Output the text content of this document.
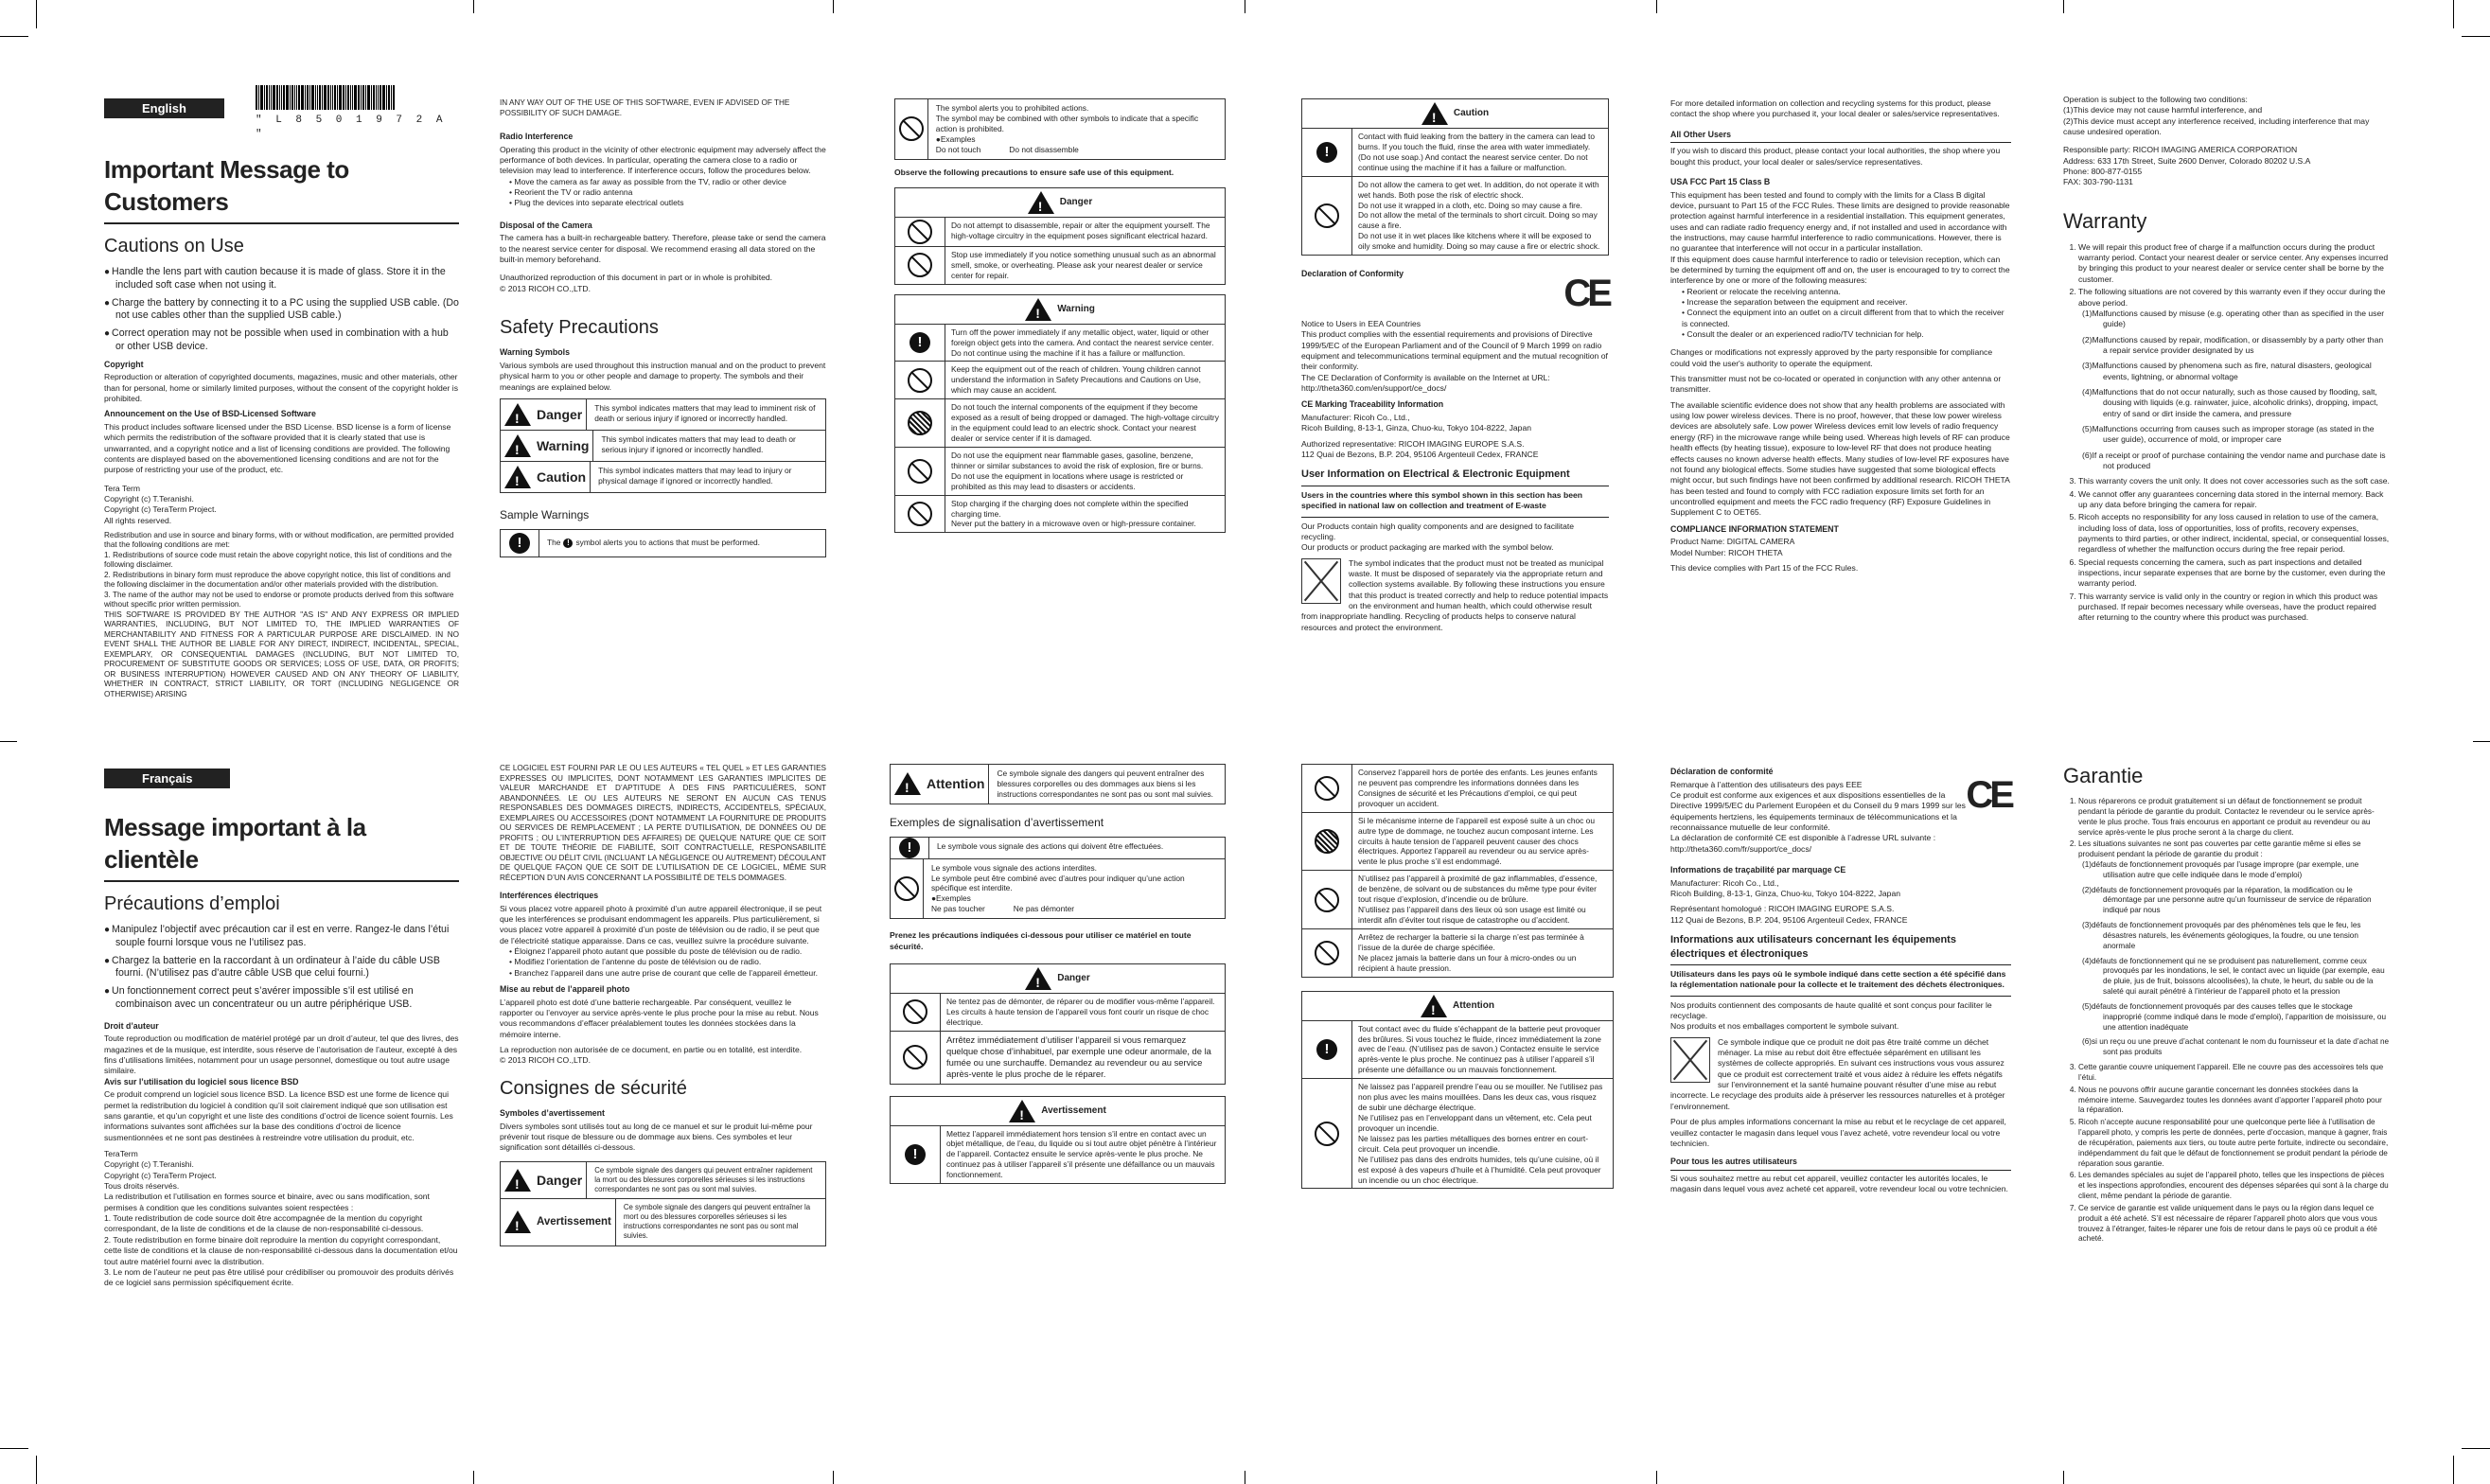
English
" L 8 5 0 1 9 7 2 A "
Important Message to Customers
Cautions on Use

● Handle the lens part with caution because it is made of glass. Store it in the included soft case when not using it.

● Charge the battery by connecting it to a PC using the supplied USB cable. (Do not use cables other than the supplied USB cable.)

● Correct operation may not be possible when used in combination with a hub or other USB device.

Copyright

Reproduction or alteration of copyrighted documents, magazines, music and other materials, other than for personal, home or similarly limited purposes, without the consent of the copyright holder is prohibited.

Announcement on the Use of BSD-Licensed Software

This product includes software licensed under the BSD License. BSD license is a form of license which permits the redistribution of the software provided that it is clearly stated that use is unwarranted, and a copyright notice and a list of licensing conditions are provided. The following contents are displayed based on the abovementioned licensing conditions and are not for the purpose of restricting your use of the product, etc.

Tera Term
Copyright (c) T.Teranishi.
Copyright (c) TeraTerm Project.
All rights reserved.

Redistribution and use in source and binary forms, with or without modification, are permitted provided that the following conditions are met:

1. Redistributions of source code must retain the above copyright notice, this list of conditions and the following disclaimer.

2. Redistributions in binary form must reproduce the above copyright notice, this list of conditions and the following disclaimer in the documentation and/or other materials provided with the distribution.

3. The name of the author may not be used to endorse or promote products derived from this software without specific prior written permission.

THIS SOFTWARE IS PROVIDED BY THE AUTHOR "AS IS" AND ANY EXPRESS OR IMPLIED WARRANTIES, INCLUDING, BUT NOT LIMITED TO, THE IMPLIED WARRANTIES OF MERCHANTABILITY AND FITNESS FOR A PARTICULAR PURPOSE ARE DISCLAIMED. IN NO EVENT SHALL THE AUTHOR BE LIABLE FOR ANY DIRECT, INDIRECT, INCIDENTAL, SPECIAL, EXEMPLARY, OR CONSEQUENTIAL DAMAGES (INCLUDING, BUT NOT LIMITED TO, PROCUREMENT OF SUBSTITUTE GOODS OR SERVICES; LOSS OF USE, DATA, OR PROFITS; OR BUSINESS INTERRUPTION) HOWEVER CAUSED AND ON ANY THEORY OF LIABILITY, WHETHER IN CONTRACT, STRICT LIABILITY, OR TORT (INCLUDING NEGLIGENCE OR OTHERWISE) ARISING

IN ANY WAY OUT OF THE USE OF THIS SOFTWARE, EVEN IF ADVISED OF THE POSSIBILITY OF SUCH DAMAGE.

Radio Interference

Operating this product in the vicinity of other electronic equipment may adversely affect the performance of both devices. In particular, operating the camera close to a radio or television may lead to interference. If interference occurs, follow the procedures below.

• Move the camera as far away as possible from the TV, radio or other device

• Reorient the TV or radio antenna

• Plug the devices into separate electrical outlets

Disposal of the Camera

The camera has a built-in rechargeable battery. Therefore, please take or send the camera to the nearest service center for disposal. We recommend erasing all data stored on the built-in memory beforehand.

Unauthorized reproduction of this document in part or in whole is prohibited.

© 2013 RICOH CO.,LTD.

Safety Precautions
Warning Symbols

Various symbols are used throughout this instruction manual and on the product to prevent physical harm to you or other people and damage to property. The symbols and their meanings are explained below.

!
Danger	This symbol indicates matters that may lead to imminent risk of death or serious injury if ignored or incorrectly handled.
!
Warning	This symbol indicates matters that may lead to death or serious injury if ignored or incorrectly handled.
!
Caution	This symbol indicates matters that may lead to injury or physical damage if ignored or incorrectly handled.
Sample Warnings
!	The ! symbol alerts you to actions that must be performed.
The symbol alerts you to prohibited actions.
The symbol may be combined with other symbols to indicate that a specific action is prohibited.
●Examples
Do not touch	Do not disassemble

Observe the following precautions to ensure safe use of this equipment.

!
Danger
Do not attempt to disassemble, repair or alter the equipment yourself. The high-voltage circuitry in the equipment poses significant electrical hazard.
Stop use immediately if you notice something unusual such as an abnormal smell, smoke, or overheating. Please ask your nearest dealer or service center for repair.
!
Warning
!
Turn off the power immediately if any metallic object, water, liquid or other foreign object gets into the camera. And contact the nearest service center. Do not continue using the machine if it has a failure or malfunction.
Keep the equipment out of the reach of children. Young children cannot understand the information in Safety Precautions and Cautions on Use, which may cause an accident.
Do not touch the internal components of the equipment if they become exposed as a result of being dropped or damaged. The high-voltage circuitry in the equipment could lead to an electric shock. Contact your nearest dealer or service center if it is damaged.
Do not use the equipment near flammable gases, gasoline, benzene, thinner or similar substances to avoid the risk of explosion, fire or burns.
Do not use the equipment in locations where usage is restricted or prohibited as this may lead to disasters or accidents.
Stop charging if the charging does not complete within the specified charging time.
Never put the battery in a microwave oven or high-pressure container.
!
Caution
!
Contact with fluid leaking from the battery in the camera can lead to burns. If you touch the fluid, rinse the area with water immediately. (Do not use soap.) And contact the nearest service center. Do not continue using the machine if it has a failure or malfunction.
Do not allow the camera to get wet. In addition, do not operate it with wet hands. Both pose the risk of electric shock.
Do not use it wrapped in a cloth, etc. Doing so may cause a fire.
Do not allow the metal of the terminals to short circuit. Doing so may cause a fire.
Do not use it in wet places like kitchens where it will be exposed to oily smoke and humidity. Doing so may cause a fire or electric shock.
Declaration of Conformity	CE

Notice to Users in EEA Countries
This product complies with the essential requirements and provisions of Directive 1999/5/EC of the European Parliament and of the Council of 9 March 1999 on radio equipment and telecommunications terminal equipment and the mutual recognition of their conformity.
The CE Declaration of Conformity is available on the Internet at URL: http://theta360.com/en/support/ce_docs/

CE Marking Traceability Information

Manufacturer: Ricoh Co., Ltd.,
Ricoh Building, 8-13-1, Ginza, Chuo-ku, Tokyo 104-8222, Japan

Authorized representative: RICOH IMAGING EUROPE S.A.S.
112 Quai de Bezons, B.P. 204, 95106 Argenteuil Cedex, FRANCE

User Information on Electrical & Electronic Equipment

Users in the countries where this symbol shown in this section has been specified in national law on collection and treatment of E-waste

Our Products contain high quality components and are designed to facilitate recycling.
Our products or product packaging are marked with the symbol below.

The symbol indicates that the product must not be treated as municipal waste. It must be disposed of separately via the appropriate return and collection systems available. By following these instructions you ensure that this product is treated correctly and help to reduce potential impacts on the environment and human health, which could otherwise result from inappropriate handling. Recycling of products helps to conserve natural resources and protect the environment.

For more detailed information on collection and recycling systems for this product, please contact the shop where you purchased it, your local dealer or sales/service representatives.

All Other Users

If you wish to discard this product, please contact your local authorities, the shop where you bought this product, your local dealer or sales/service representatives.

USA FCC Part 15 Class B

This equipment has been tested and found to comply with the limits for a Class B digital device, pursuant to Part 15 of the FCC Rules. These limits are designed to provide reasonable protection against harmful interference in a residential installation. This equipment generates, uses and can radiate radio frequency energy and, if not installed and used in accordance with the instructions, may cause harmful interference to radio communications. However, there is no guarantee that interference will not occur in a particular installation.

If this equipment does cause harmful interference to radio or television reception, which can be determined by turning the equipment off and on, the user is encouraged to try to correct the interference by one or more of the following measures:

• Reorient or relocate the receiving antenna.

• Increase the separation between the equipment and receiver.

• Connect the equipment into an outlet on a circuit different from that to which the receiver is connected.

• Consult the dealer or an experienced radio/TV technician for help.

Changes or modifications not expressly approved by the party responsible for compliance could void the user's authority to operate the equipment.

This transmitter must not be co-located or operated in conjunction with any other antenna or transmitter.

The available scientific evidence does not show that any health problems are associated with using low power wireless devices. There is no proof, however, that these low power wireless devices are absolutely safe. Low power Wireless devices emit low levels of radio frequency energy (RF) in the microwave range while being used. Whereas high levels of RF can produce health effects (by heating tissue), exposure to low-level RF that does not produce heating effects causes no known adverse health effects. Many studies of low-level RF exposures have not found any biological effects. Some studies have suggested that some biological effects might occur, but such findings have not been confirmed by additional research. RICOH THETA has been tested and found to comply with FCC radiation exposure limits set forth for an uncontrolled equipment and meets the FCC radio frequency (RF) Exposure Guidelines in Supplement C to OET65.

COMPLIANCE INFORMATION STATEMENT

Product Name: DIGITAL CAMERA
Model Number: RICOH THETA

This device complies with Part 15 of the FCC Rules.

Operation is subject to the following two conditions:
(1)This device may not cause harmful interference, and
(2)This device must accept any interference received, including interference that may cause undesired operation.

Responsible party: RICOH IMAGING AMERICA CORPORATION
Address: 633 17th Street, Suite 2600 Denver, Colorado 80202 U.S.A
Phone: 800-877-0155
FAX: 303-790-1131

Warranty
1. We will repair this product free of charge if a malfunction occurs during the product warranty period. Contact your nearest dealer or service center. Any expenses incurred by bringing this product to your nearest dealer or service center shall be borne by the customer.
2. The following situations are not covered by this warranty even if they occur during the above period.

(1)Malfunctions caused by misuse (e.g. operating other than as specified in the user guide)

(2)Malfunctions caused by repair, modification, or disassembly by a party other than a repair service provider designated by us

(3)Malfunctions caused by phenomena such as fire, natural disasters, geological events, lightning, or abnormal voltage

(4)Malfunctions that do not occur naturally, such as those caused by flooding, salt, dousing with liquids (e.g. rainwater, juice, alcoholic drinks), dropping, impact, entry of sand or dirt inside the camera, and pressure

(5)Malfunctions occurring from causes such as improper storage (as stated in the user guide), occurrence of mold, or improper care

(6)If a receipt or proof of purchase containing the vendor name and purchase date is not produced

3. This warranty covers the unit only. It does not cover accessories such as the soft case.
4. We cannot offer any guarantees concerning data stored in the internal memory. Back up any data before bringing the camera for repair.
5. Ricoh accepts no responsibility for any loss caused in relation to use of the camera, including loss of data, loss of opportunities, loss of profits, recovery expenses, payments to third parties, or other indirect, incidental, special, or consequential losses, regardless of whether the malfunction occurs during the free repair period.
6. Special requests concerning the camera, such as part inspections and detailed inspections, incur separate expenses that are borne by the customer, even during the warranty period.
7. This warranty service is valid only in the country or region in which this product was purchased. If repair becomes necessary while overseas, have the product repaired after returning to the country where this product was purchased.
Français
Message important à la clientèle
Précautions d’emploi

● Manipulez l’objectif avec précaution car il est en verre. Rangez-le dans l’étui souple fourni lorsque vous ne l’utilisez pas.

● Chargez la batterie en la raccordant à un ordinateur à l’aide du câble USB fourni. (N’utilisez pas d’autre câble USB que celui fourni.)

● Un fonctionnement correct peut s’avérer impossible s’il est utilisé en combinaison avec un concentrateur ou un autre périphérique USB.

Droit d’auteur

Toute reproduction ou modification de matériel protégé par un droit d’auteur, tel que des livres, des magazines et de la musique, est interdite, sous réserve de l’autorisation de l’auteur, excepté à des fins d’utilisations limitées, notamment pour un usage personnel, domestique ou tout autre usage similaire.

Avis sur l’utilisation du logiciel sous licence BSD

Ce produit comprend un logiciel sous licence BSD. La licence BSD est une forme de licence qui permet la redistribution du logiciel à condition qu’il soit clairement indiqué que son utilisation est sans garantie, et qu’un copyright et une liste des conditions d’octroi de licence soient fournis. Les informations suivantes sont affichées sur la base des conditions d’octroi de licence susmentionnées et ne sont pas destinées à restreindre votre utilisation du produit, etc.

TeraTerm
Copyright (c) T.Teranishi.
Copyright (c) TeraTerm Project.
Tous droits réservés.

La redistribution et l’utilisation en formes source et binaire, avec ou sans modification, sont permises à condition que les conditions suivantes soient respectées :

1. Toute redistribution de code source doit être accompagnée de la mention du copyright correspondant, de la liste de conditions et de la clause de non-responsabilité ci-dessous.

2. Toute redistribution en forme binaire doit reproduire la mention du copyright correspondant, cette liste de conditions et la clause de non-responsabilité ci-dessous dans la documentation et/ou tout autre matériel fourni avec la distribution.

3. Le nom de l’auteur ne peut pas être utilisé pour crédibiliser ou promouvoir des produits dérivés de ce logiciel sans permission spécifiquement écrite.

CE LOGICIEL EST FOURNI PAR LE OU LES AUTEURS « TEL QUEL » ET LES GARANTIES EXPRESSES OU IMPLICITES, DONT NOTAMMENT LES GARANTIES IMPLICITES DE VALEUR MARCHANDE ET D’APTITUDE À DES FINS PARTICULIÈRES, SONT ABANDONNÉES. LE OU LES AUTEURS NE SERONT EN AUCUN CAS TENUS RESPONSABLES DES DOMMAGES DIRECTS, INDIRECTS, ACCIDENTELS, SPÉCIAUX, EXEMPLAIRES OU ACCESSOIRES (DONT NOTAMMENT LA FOURNITURE DE PRODUITS OU SERVICES DE REMPLACEMENT ; LA PERTE D’UTILISATION, DE DONNÉES OU DE PROFITS ; OU L’INTERRUPTION DES AFFAIRES) DE QUELQUE NATURE QUE CE SOIT ET DE TOUTE THÉORIE DE FIABILITÉ, SOIT CONTRACTUELLE, RESPONSABILITÉ OBJECTIVE OU DÉLIT CIVIL (INCLUANT LA NÉGLIGENCE OU AUTREMENT) DÉCOULANT DE QUELQUE FAÇON QUE CE SOIT DE L’UTILISATION DE CE LOGICIEL, MÊME SUR RÉCEPTION D’UN AVIS CONCERNANT LA POSSIBILITÉ DE TELS DOMMAGES.

Interférences électriques

Si vous placez votre appareil photo à proximité d’un autre appareil électronique, il se peut que les interférences se produisant endommagent les appareils. Plus particulièrement, si vous placez votre appareil à proximité d’un poste de télévision ou de radio, il se peut que de l’électricité statique apparaisse. Dans ce cas, veuillez suivre la procédure suivante.

• Éloignez l’appareil photo autant que possible du poste de télévision ou de radio.

• Modifiez l’orientation de l’antenne du poste de télévision ou de radio.

• Branchez l’appareil dans une autre prise de courant que celle de l’appareil émetteur.

Mise au rebut de l’appareil photo

L’appareil photo est doté d’une batterie rechargeable. Par conséquent, veuillez le rapporter ou l’envoyer au service après-vente le plus proche pour la mise au rebut. Nous vous recommandons d’effacer préalablement toutes les données stockées dans la mémoire interne.

La reproduction non autorisée de ce document, en partie ou en totalité, est interdite.

© 2013 RICOH CO.,LTD.

Consignes de sécurité
Symboles d’avertissement

Divers symboles sont utilisés tout au long de ce manuel et sur le produit lui-même pour prévenir tout risque de blessure ou de dommage aux biens. Ces symboles et leur signification sont détaillés ci-dessous.

!
Danger
Ce symbole signale des dangers qui peuvent entraîner rapidement la mort ou des blessures corporelles sérieuses si les instructions correspondantes ne sont pas ou sont mal suivies.
!
Avertissement
Ce symbole signale des dangers qui peuvent entraîner la mort ou des blessures corporelles sérieuses si les instructions correspondantes ne sont pas ou sont mal suivies.
!
Attention
Ce symbole signale des dangers qui peuvent entraîner des blessures corporelles ou des dommages aux biens si les instructions correspondantes ne sont pas ou sont mal suivies.
Exemples de signalisation d’avertissement
!	Le symbole vous signale des actions qui doivent être effectuées.
Le symbole vous signale des actions interdites.
Le symbole peut être combiné avec d’autres pour indiquer qu’une action spécifique est interdite.
●Exemples
Ne pas toucher	Ne pas démonter

Prenez les précautions indiquées ci-dessous pour utiliser ce matériel en toute sécurité.

!
Danger
Ne tentez pas de démonter, de réparer ou de modifier vous-même l’appareil. Les circuits à haute tension de l’appareil vous font courir un risque de choc électrique.
Arrêtez immédiatement d’utiliser l’appareil si vous remarquez quelque chose d’inhabituel, par exemple une odeur anormale, de la fumée ou une surchauffe. Demandez au revendeur ou au service après-vente le plus proche de le réparer.
!
Avertissement
!
Mettez l’appareil immédiatement hors tension s’il entre en contact avec un objet métallique, de l’eau, du liquide ou si tout autre objet pénètre à l’intérieur de l’appareil. Contactez ensuite le service après-vente le plus proche. Ne continuez pas à utiliser l’appareil s’il présente une défaillance ou un mauvais fonctionnement.
Conservez l’appareil hors de portée des enfants. Les jeunes enfants ne peuvent pas comprendre les informations données dans les Consignes de sécurité et les Précautions d’emploi, ce qui peut provoquer un accident.
Si le mécanisme interne de l’appareil est exposé suite à un choc ou autre type de dommage, ne touchez aucun composant interne. Les circuits à haute tension de l’appareil peuvent causer des chocs électriques. Apportez l’appareil au revendeur ou au service après-vente le plus proche s’il est endommagé.
N’utilisez pas l’appareil à proximité de gaz inflammables, d’essence, de benzène, de solvant ou de substances du même type pour éviter tout risque d’explosion, d’incendie ou de brûlure.
N’utilisez pas l’appareil dans des lieux où son usage est limité ou interdit afin d’éviter tout risque de catastrophe ou d’accident.
Arrêtez de recharger la batterie si la charge n’est pas terminée à l’issue de la durée de charge spécifiée.
Ne placez jamais la batterie dans un four à micro-ondes ou un récipient à haute pression.
!
Attention
!
Tout contact avec du fluide s’échappant de la batterie peut provoquer des brûlures. Si vous touchez le fluide, rincez immédiatement la zone avec de l’eau. (N’utilisez pas de savon.) Contactez ensuite le service après-vente le plus proche. Ne continuez pas à utiliser l’appareil s’il présente une défaillance ou un mauvais fonctionnement.
Ne laissez pas l’appareil prendre l’eau ou se mouiller. Ne l’utilisez pas non plus avec les mains mouillées. Dans les deux cas, vous risquez de subir une décharge électrique.
Ne l’utilisez pas en l’enveloppant dans un vêtement, etc. Cela peut provoquer un incendie.
Ne laissez pas les parties métalliques des bornes entrer en court-circuit. Cela peut provoquer un incendie.
Ne l’utilisez pas dans des endroits humides, tels qu’une cuisine, où il est exposé à des vapeurs d’huile et à l’humidité. Cela peut provoquer un incendie ou un choc électrique.
Déclaration de conformité

Remarque à l’attention des utilisateurs des pays EEE
Ce produit est conforme aux exigences et aux dispositions essentielles de la Directive 1999/5/EC du Parlement Européen et du Conseil du 9 mars 1999 sur les équipements hertziens, les équipements terminaux de télécommunications et la reconnaissance mutuelle de leur conformité.
La déclaration de conformité CE est disponible à l’adresse URL suivante : http://theta360.com/fr/support/ce_docs/

CE
Informations de traçabilité par marquage CE

Manufacturer: Ricoh Co., Ltd.,
Ricoh Building, 8-13-1, Ginza, Chuo-ku, Tokyo 104-8222, Japan

Représentant homologué : RICOH IMAGING EUROPE S.A.S.
112 Quai de Bezons, B.P. 204, 95106 Argenteuil Cedex, FRANCE

Informations aux utilisateurs concernant les équipements électriques et électroniques

Utilisateurs dans les pays où le symbole indiqué dans cette section a été spécifié dans la réglementation nationale pour la collecte et le traitement des déchets électroniques.

Nos produits contiennent des composants de haute qualité et sont conçus pour faciliter le recyclage.
Nos produits et nos emballages comportent le symbole suivant.

Ce symbole indique que ce produit ne doit pas être traité comme un déchet ménager. La mise au rebut doit être effectuée séparément en utilisant les systèmes de collecte appropriés. En suivant ces instructions vous vous assurez que ce produit est correctement traité et vous aidez à réduire les effets négatifs sur l’environnement et la santé humaine pouvant résulter d’une mise au rebut incorrecte. Le recyclage des produits aide à préserver les ressources naturelles et à protéger l’environnement.

Pour de plus amples informations concernant la mise au rebut et le recyclage de cet appareil, veuillez contacter le magasin dans lequel vous l’avez acheté, votre revendeur local ou votre technicien.

Pour tous les autres utilisateurs

Si vous souhaitez mettre au rebut cet appareil, veuillez contacter les autorités locales, le magasin dans lequel vous avez acheté cet appareil, votre revendeur local ou votre technicien.

Garantie
1. Nous réparerons ce produit gratuitement si un défaut de fonctionnement se produit pendant la période de garantie du produit. Contactez le revendeur ou le service après-vente le plus proche. Tous frais encourus en apportant ce produit au revendeur ou au service après-vente le plus proche seront à la charge du client.
2. Les situations suivantes ne sont pas couvertes par cette garantie même si elles se produisent pendant la période de garantie du produit :

(1)défauts de fonctionnement provoqués par l’usage impropre (par exemple, une utilisation autre que celle indiquée dans le mode d’emploi)

(2)défauts de fonctionnement provoqués par la réparation, la modification ou le démontage par une personne autre qu’un fournisseur de service de réparation indiqué par nous

(3)défauts de fonctionnement provoqués par des phénomènes tels que le feu, les désastres naturels, les événements géologiques, la foudre, ou une tension anormale

(4)défauts de fonctionnement qui ne se produisent pas naturellement, comme ceux provoqués par les inondations, le sel, le contact avec un liquide (par exemple, eau de pluie, jus de fruit, boissons alcoolisées), la chute, le heurt, du sable ou de la saleté qui aurait pénétré à l’intérieur de l’appareil photo et la pression

(5)défauts de fonctionnement provoqués par des causes telles que le stockage inapproprié (comme indiqué dans le mode d’emploi), l’apparition de moisissure, ou une attention inadéquate

(6)si un reçu ou une preuve d’achat contenant le nom du fournisseur et la date d’achat ne sont pas produits

3. Cette garantie couvre uniquement l’appareil. Elle ne couvre pas des accessoires tels que l’étui.
4. Nous ne pouvons offrir aucune garantie concernant les données stockées dans la mémoire interne. Sauvegardez toutes les données avant d’apporter l’appareil photo pour la réparation.
5. Ricoh n’accepte aucune responsabilité pour une quelconque perte liée à l’utilisation de l’appareil photo, y compris les perte de données, perte d’occasion, manque à gagner, frais de récupération, paiements aux tiers, ou toute autre perte fortuite, indirecte ou secondaire, indépendamment du fait que le défaut de fonctionnement se produit pendant la période de réparation sous garantie.
6. Les demandes spéciales au sujet de l’appareil photo, telles que les inspections de pièces et les inspections approfondies, encourent des dépenses séparées qui sont à la charge du client, même pendant la période de garantie.
7. Ce service de garantie est valide uniquement dans le pays ou la région dans lequel ce produit a été acheté. S’il est nécessaire de réparer l’appareil photo alors que vous vous trouvez à l’étranger, faites-le réparer une fois de retour dans le pays où ce produit a été acheté.
